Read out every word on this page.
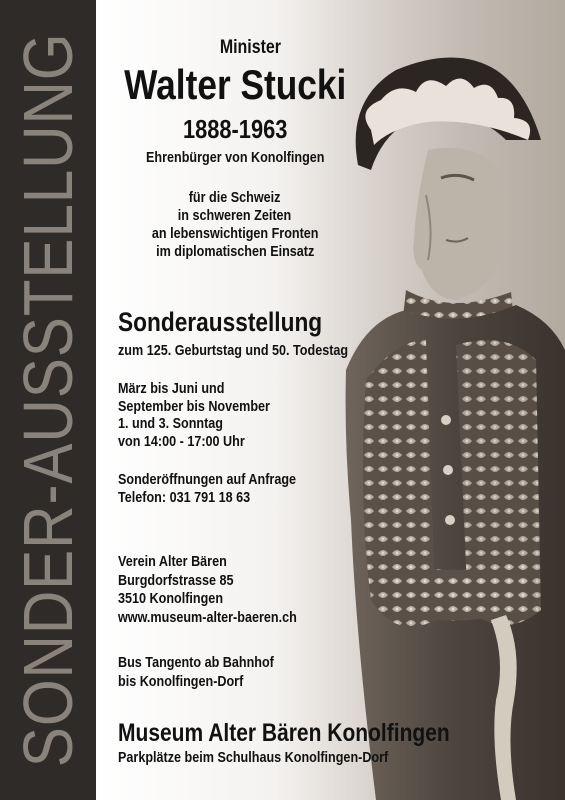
SONDER-AUSSTELLUNG	Minister
Walter Stucki
1888-1963
Ehrenbürger von Konolfingen
für die Schweiz
in schweren Zeiten
an lebenswichtigen Fronten
im diplomatischen Einsatz
Sonderausstellung
zum 125. Geburtstag und 50. Todestag
März bis Juni und
September bis November
1. und 3. Sonntag
von 14:00 - 17:00 Uhr
Sonderöffnungen auf Anfrage
Telefon: 031 791 18 63
Verein Alter Bären
Burgdorfstrasse 85
3510 Konolfingen
www.museum-alter-baeren.ch
Bus Tangento ab Bahnhof
bis Konolfingen-Dorf
Museum Alter Bären Konolfingen
Parkplätze beim Schulhaus Konolfingen-Dorf
